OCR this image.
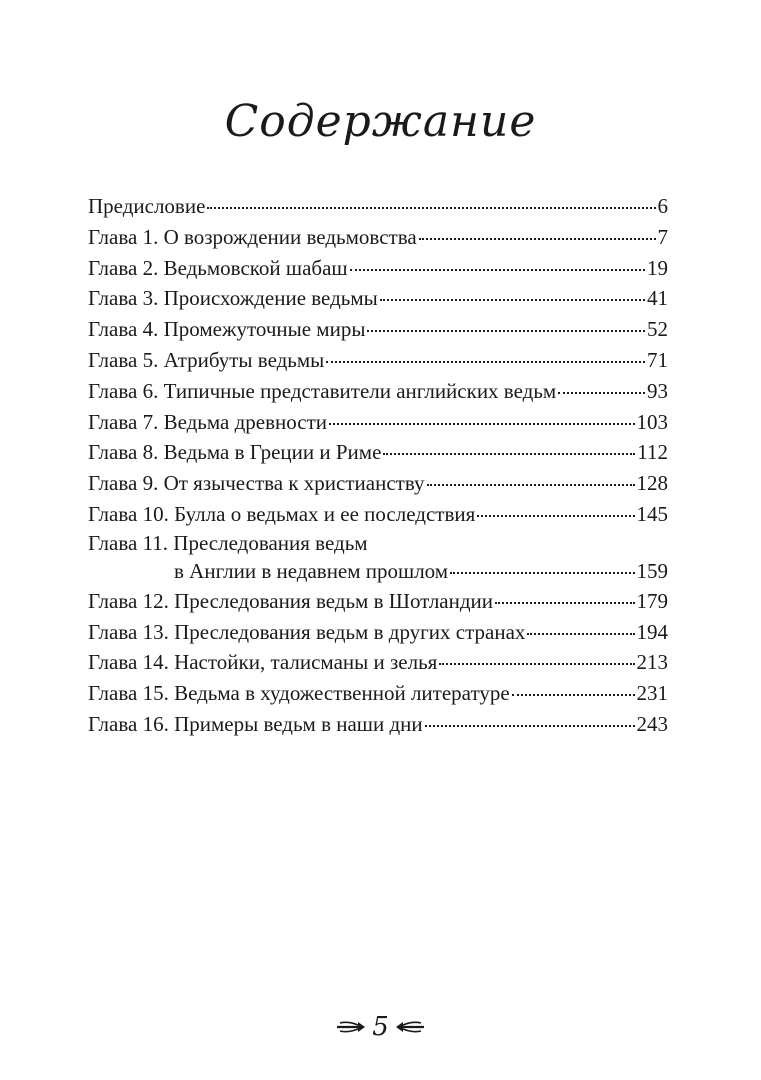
Содержание
Предисловие	6
Глава 1. О возрождении ведьмовства	7
Глава 2. Ведьмовской шабаш	19
Глава 3. Происхождение ведьмы	41
Глава 4. Промежуточные миры	52
Глава 5. Атрибуты ведьмы	71
Глава 6. Типичные представители английских ведьм	93
Глава 7. Ведьма древности	103
Глава 8. Ведьма в Греции и Риме	112
Глава 9. От язычества к христианству	128
Глава 10. Булла о ведьмах и ее последствия	145
Глава 11. Преследования ведьм
в Англии в недавнем прошлом	159
Глава 12. Преследования ведьм в Шотландии	179
Глава 13. Преследования ведьм в других странах	194
Глава 14. Настойки, талисманы и зелья	213
Глава 15. Ведьма в художественной литературе	231
Глава 16. Примеры ведьм в наши дни	243
5
